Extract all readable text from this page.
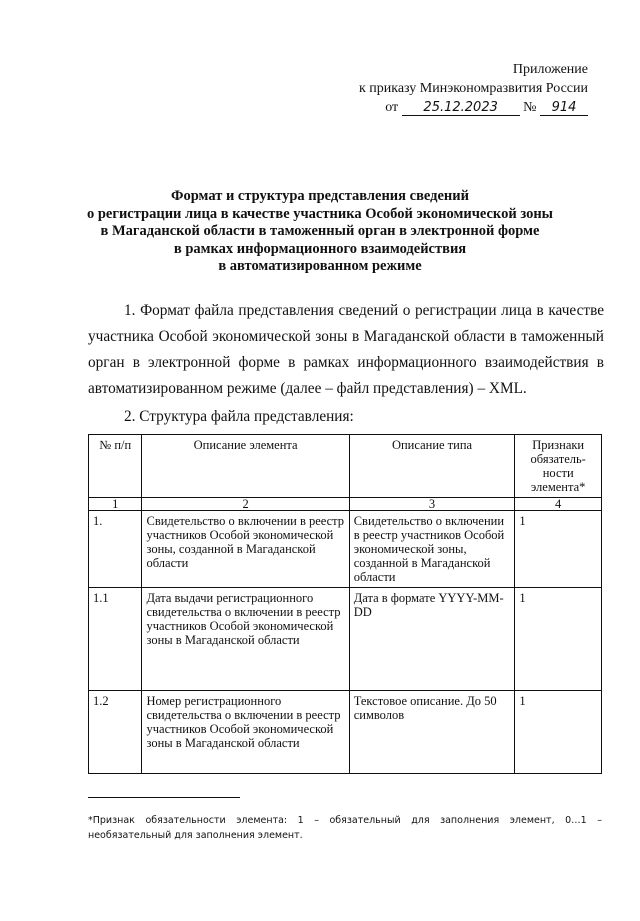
Приложение
к приказу Минэкономразвития России
от 25.12.2023 № 914
Формат и структура представления сведений
о регистрации лица в качестве участника Особой экономической зоны
в Магаданской области в таможенный орган в электронной форме
в рамках информационного взаимодействия
в автоматизированном режиме
1. Формат файла представления сведений о регистрации лица в качестве участника Особой экономической зоны в Магаданской области в таможенный орган в электронной форме в рамках информационного взаимодействия в автоматизированном режиме (далее – файл представления) – XML.
2. Структура файла представления:
№ п/п	Описание элемента	Описание типа	Признаки обязатель-ности элемента*
1	2	3	4
1.	Свидетельство о включении в реестр участников Особой экономической зоны, созданной в Магаданской области	Свидетельство о включении в реестр участников Особой экономической зоны, созданной в Магаданской области	1
1.1	Дата выдачи регистрационного свидетельства о включении в реестр участников Особой экономической зоны в Магаданской области	Дата в формате YYYY-MM-DD	1
1.2	Номер регистрационного свидетельства о включении в реестр участников Особой экономической зоны в Магаданской области	Текстовое описание. До 50 символов	1
*Признак обязательности элемента: 1 – обязательный для заполнения элемент, 0…1 – необязательный для заполнения элемент.
